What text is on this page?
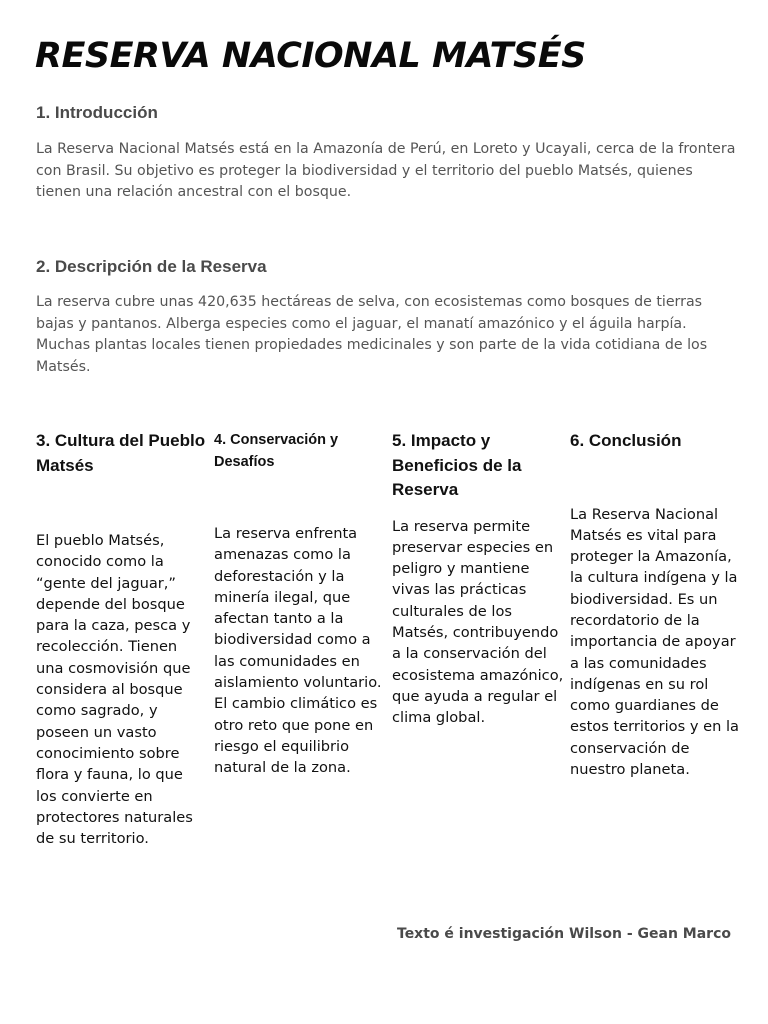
RESERVA NACIONAL MATSÉS
1. Introducción

La Reserva Nacional Matsés está en la Amazonía de Perú, en Loreto y Ucayali, cerca de la frontera con Brasil. Su objetivo es proteger la biodiversidad y el territorio del pueblo Matsés, quienes tienen una relación ancestral con el bosque.

2. Descripción de la Reserva

La reserva cubre unas 420,635 hectáreas de selva, con ecosistemas como bosques de tierras bajas y pantanos. Alberga especies como el jaguar, el manatí amazónico y el águila harpía. Muchas plantas locales tienen propiedades medicinales y son parte de la vida cotidiana de los Matsés.

3. Cultura del Pueblo Matsés

El pueblo Matsés, conocido como la “gente del jaguar,” depende del bosque para la caza, pesca y recolección. Tienen una cosmovisión que considera al bosque como sagrado, y poseen un vasto conocimiento sobre flora y fauna, lo que los convierte en protectores naturales de su territorio.

4. Conservación y Desafíos

La reserva enfrenta amenazas como la deforestación y la minería ilegal, que afectan tanto a la biodiversidad como a las comunidades en aislamiento voluntario. El cambio climático es otro reto que pone en riesgo el equilibrio natural de la zona.

5. Impacto y Beneficios de la Reserva

La reserva permite preservar especies en peligro y mantiene vivas las prácticas culturales de los Matsés, contribuyendo a la conservación del ecosistema amazónico, que ayuda a regular el clima global.

6. Conclusión

La Reserva Nacional Matsés es vital para proteger la Amazonía, la cultura indígena y la biodiversidad. Es un recordatorio de la importancia de apoyar a las comunidades indígenas en su rol como guardianes de estos territorios y en la conservación de nuestro planeta.

Texto é investigación Wilson - Gean Marco
